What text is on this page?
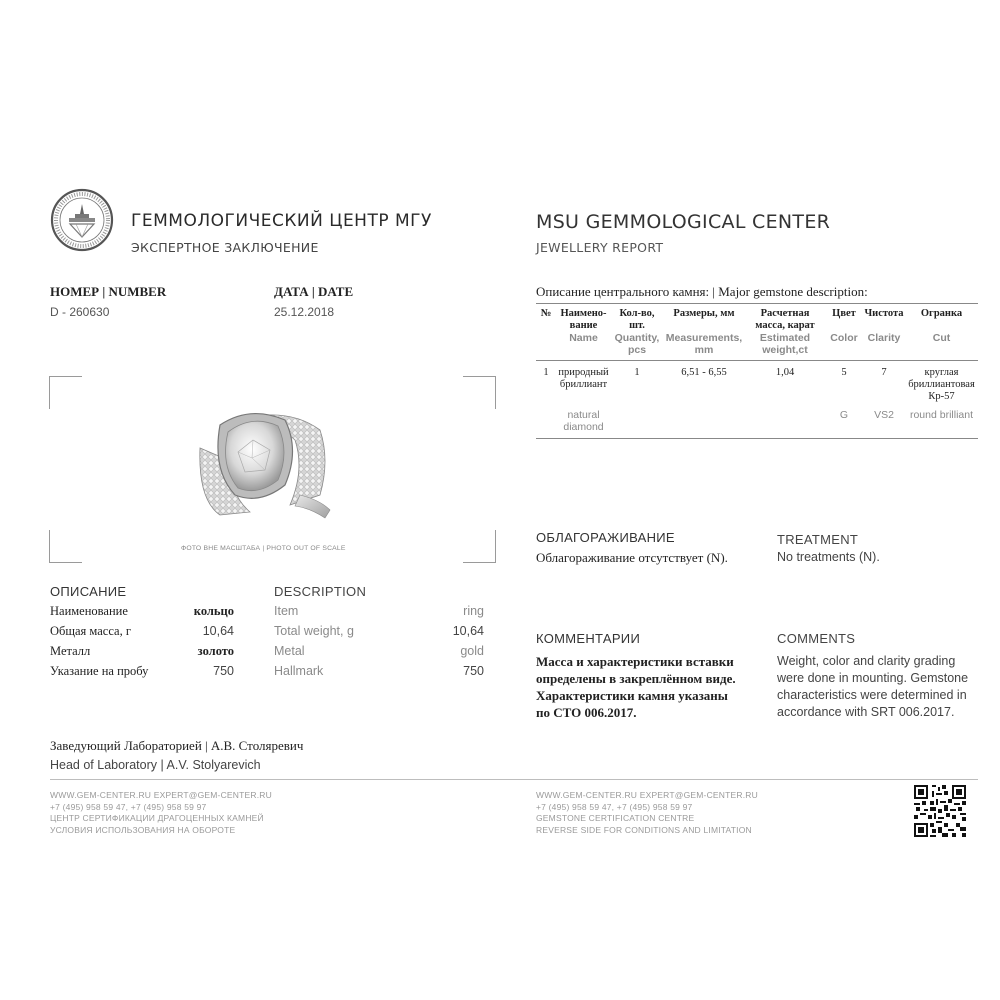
ГЕММОЛОГИЧЕСКИЙ ЦЕНТР МГУ
ЭКСПЕРТНОЕ ЗАКЛЮЧЕНИЕ
MSU GEMMOLOGICAL CENTER
JEWELLERY REPORT
НОМЕР | NUMBER
D - 260630
ДАТА | DATE
25.12.2018
ФОТО ВНЕ МАСШТАБА | PHOTO OUT OF SCALE
Описание центрального камня: | Major gemstone description:
№	Наимено-вание	Кол-во, шт.	Размеры, мм	Расчетная масса, карат	Цвет	Чистота	Огранка
	Name	Quantity, pcs	Measurements, mm	Estimated weight,ct	Color	Clarity	Cut
1	природный бриллиант	1	6,51 - 6,55	1,04	5	7	круглая бриллиантовая Кр-57
	natural diamond				G	VS2	round brilliant
ОПИСАНИЕ	DESCRIPTION
Наименование	кольцо	Item	ring
Общая масса, г	10,64	Total weight, g	10,64
Металл	золото	Metal	gold
Указание на пробу	750	Hallmark	750
ОБЛАГОРАЖИВАНИЕ
Облагораживание отсутствует (N).
TREATMENT
No treatments (N).
КОММЕНТАРИИ
Масса и характеристики вставки определены в закреплённом виде. Характеристики камня указаны по СТО 006.2017.
COMMENTS
Weight, color and clarity grading were done in mounting. Gemstone characteristics were determined in accordance with SRT 006.2017.
Заведующий Лабораторией | А.В. Столяревич
Head of Laboratory | A.V. Stolyarevich
WWW.GEM-CENTER.RU EXPERT@GEM-CENTER.RU
+7 (495) 958 59 47, +7 (495) 958 59 97
ЦЕНТР СЕРТИФИКАЦИИ ДРАГОЦЕННЫХ КАМНЕЙ
УСЛОВИЯ ИСПОЛЬЗОВАНИЯ НА ОБОРОТЕ
WWW.GEM-CENTER.RU EXPERT@GEM-CENTER.RU
+7 (495) 958 59 47, +7 (495) 958 59 97
GEMSTONE CERTIFICATION CENTRE
REVERSE SIDE FOR CONDITIONS AND LIMITATION
